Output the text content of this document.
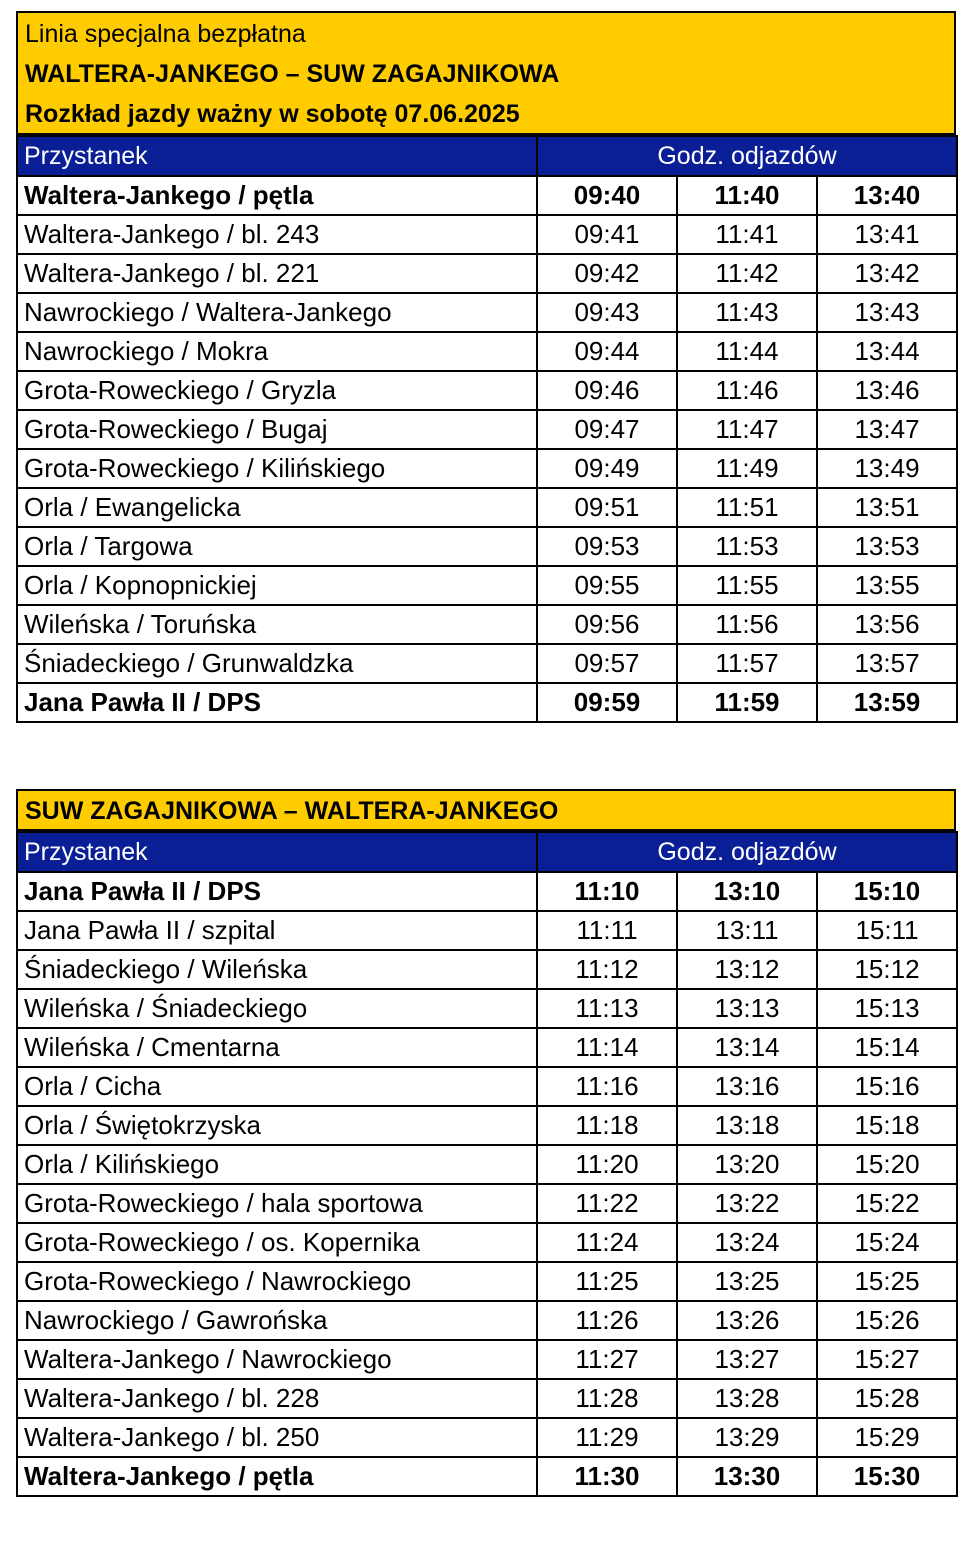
Linia specjalna bezpłatna
WALTERA-JANKEGO – SUW ZAGAJNIKOWA
Rozkład jazdy ważny w sobotę 07.06.2025
Przystanek	Godz. odjazdów		
Waltera-Jankego / pętla	09:40	11:40	13:40
Waltera-Jankego / bl. 243	09:41	11:41	13:41
Waltera-Jankego / bl. 221	09:42	11:42	13:42
Nawrockiego / Waltera-Jankego	09:43	11:43	13:43
Nawrockiego / Mokra	09:44	11:44	13:44
Grota-Roweckiego / Gryzla	09:46	11:46	13:46
Grota-Roweckiego / Bugaj	09:47	11:47	13:47
Grota-Roweckiego / Kilińskiego	09:49	11:49	13:49
Orla / Ewangelicka	09:51	11:51	13:51
Orla / Targowa	09:53	11:53	13:53
Orla / Kopnopnickiej	09:55	11:55	13:55
Wileńska / Toruńska	09:56	11:56	13:56
Śniadeckiego / Grunwaldzka	09:57	11:57	13:57
Jana Pawła II / DPS	09:59	11:59	13:59
SUW ZAGAJNIKOWA – WALTERA-JANKEGO
Przystanek	Godz. odjazdów		
Jana Pawła II / DPS	11:10	13:10	15:10
Jana Pawła II / szpital	11:11	13:11	15:11
Śniadeckiego / Wileńska	11:12	13:12	15:12
Wileńska / Śniadeckiego	11:13	13:13	15:13
Wileńska / Cmentarna	11:14	13:14	15:14
Orla / Cicha	11:16	13:16	15:16
Orla / Świętokrzyska	11:18	13:18	15:18
Orla / Kilińskiego	11:20	13:20	15:20
Grota-Roweckiego / hala sportowa	11:22	13:22	15:22
Grota-Roweckiego / os. Kopernika	11:24	13:24	15:24
Grota-Roweckiego / Nawrockiego	11:25	13:25	15:25
Nawrockiego / Gawrońska	11:26	13:26	15:26
Waltera-Jankego / Nawrockiego	11:27	13:27	15:27
Waltera-Jankego / bl. 228	11:28	13:28	15:28
Waltera-Jankego / bl. 250	11:29	13:29	15:29
Waltera-Jankego / pętla	11:30	13:30	15:30
